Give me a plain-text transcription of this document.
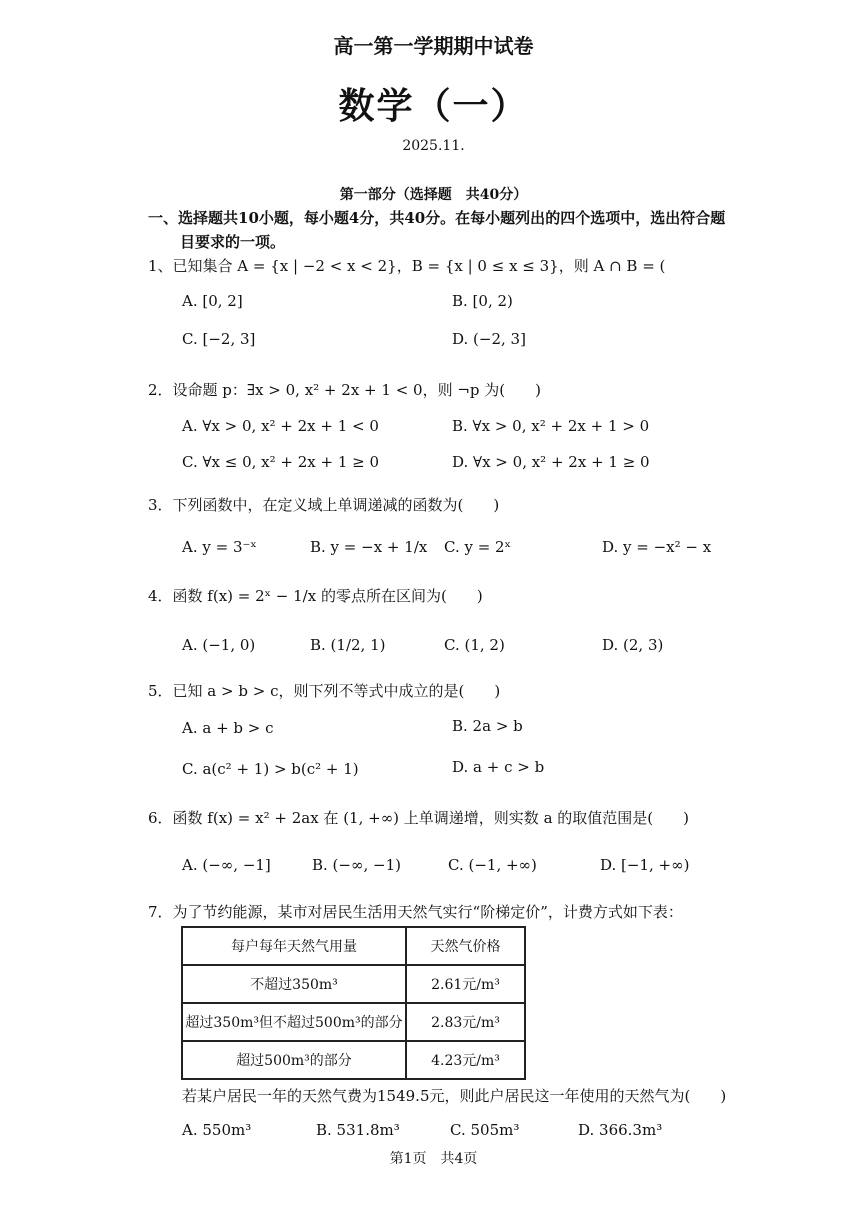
高一第一学期期中试卷
数学（一）
2025.11.
第一部分（选择题　共40分）
一、选择题共10小题，每小题4分，共40分。在每小题列出的四个选项中，选出符合题
目要求的一项。
1、已知集合 A = {x | −2 < x < 2}，B = {x | 0 ≤ x ≤ 3}，则 A ∩ B = (
A. [0, 2]	B. [0, 2)
C. [−2, 3]	D. (−2, 3]
2．设命题 p：∃x > 0, x² + 2x + 1 < 0，则 ¬p 为(　　)
A. ∀x > 0, x² + 2x + 1 < 0	B. ∀x > 0, x² + 2x + 1 > 0
C. ∀x ≤ 0, x² + 2x + 1 ≥ 0	D. ∀x > 0, x² + 2x + 1 ≥ 0
3．下列函数中，在定义域上单调递减的函数为(　　)
A. y = 3⁻ˣ	B. y = −x + 1/x C. y = 2ˣ	D. y = −x² − x
4．函数 f(x) = 2ˣ − 1/x 的零点所在区间为(　　)
A. (−1, 0)	B. (1/2, 1)	C. (1, 2)	D. (2, 3)
5．已知 a > b > c，则下列不等式中成立的是(　　)
A. a + b > c	B. 2a > b
C. a(c² + 1) > b(c² + 1)	D. a + c > b
6．函数 f(x) = x² + 2ax 在 (1, +∞) 上单调递增，则实数 a 的取值范围是(　　)
A. (−∞, −1]	B. (−∞, −1)	C. (−1, +∞)	D. [−1, +∞)
7．为了节约能源，某市对居民生活用天然气实行“阶梯定价”，计费方式如下表：
每户每年天然气用量	天然气价格
不超过350m³	2.61元/m³
超过350m³但不超过500m³的部分	2.83元/m³
超过500m³的部分	4.23元/m³
若某户居民一年的天然气费为1549.5元，则此户居民这一年使用的天然气为(　　)
A. 550m³	B. 531.8m³	C. 505m³	D. 366.3m³
第1页　共4页
